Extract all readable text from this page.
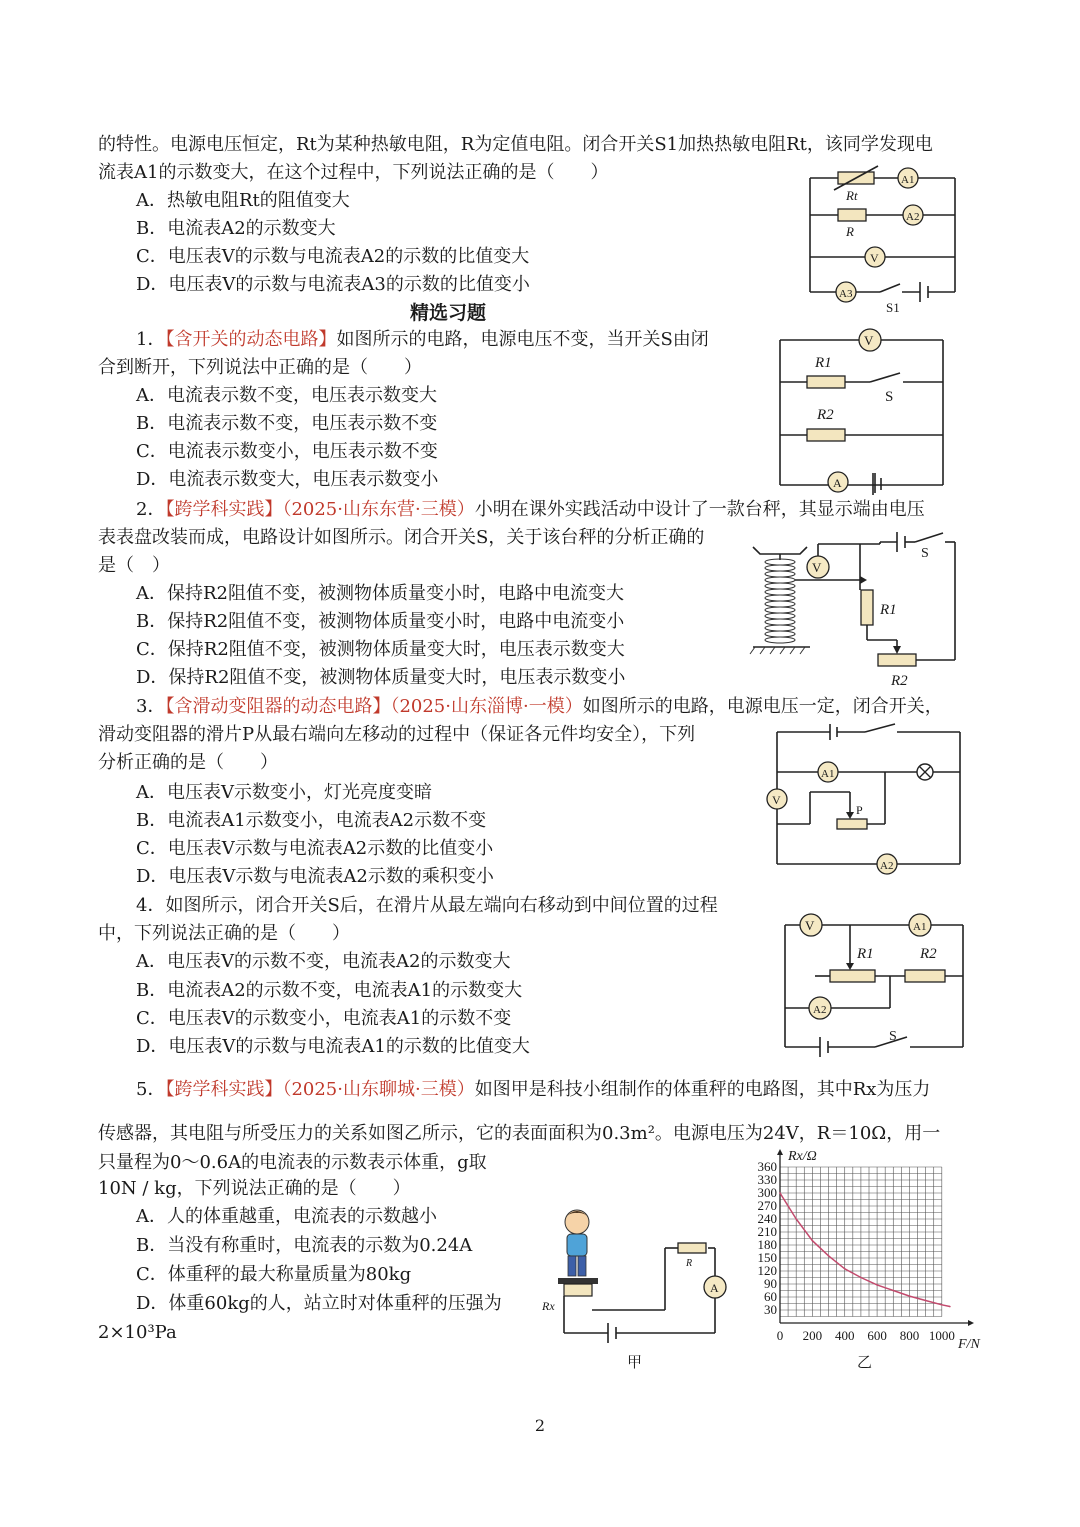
的特性。电源电压恒定，Rt为某种热敏电阻，R为定值电阻。闭合开关S1加热热敏电阻Rt，该同学发现电
流表A1的示数变大，在这个过程中，下列说法正确的是（　　）
A．热敏电阻Rt的阻值变大
B．电流表A2的示数变大
C．电压表V的示数与电流表A2的示数的比值变大
D．电压表V的示数与电流表A3的示数的比值变小
Rt
A1
R
A2
V
A3
S1
精选习题
1．【含开关的动态电路】如图所示的电路，电源电压不变，当开关S由闭
合到断开，下列说法中正确的是（　　）
A．电流表示数不变，电压表示数变大
B．电流表示数不变，电压表示数不变
C．电流表示数变小，电压表示数不变
D．电流表示数变大，电压表示数变小
V
R1
S
R2
A
2．【跨学科实践】（2025·山东东营·三模）小明在课外实践活动中设计了一款台秤，其显示端由电压
表表盘改装而成，电路设计如图所示。闭合开关S，关于该台秤的分析正确的
是（　）
A．保持R2阻值不变，被测物体质量变小时，电路中电流变大
B．保持R2阻值不变，被测物体质量变小时，电路中电流变小
C．保持R2阻值不变，被测物体质量变大时，电压表示数变大
D．保持R2阻值不变，被测物体质量变大时，电压表示数变小
V
S
R1
R2
3．【含滑动变阻器的动态电路】（2025·山东淄博·一模）如图所示的电路，电源电压一定，闭合开关，
滑动变阻器的滑片P从最右端向左移动的过程中（保证各元件均安全），下列
分析正确的是（　　）
A．电压表V示数变小，灯光亮度变暗
B．电流表A1示数变小，电流表A2示数不变
C．电压表V示数与电流表A2示数的比值变小
D．电压表V示数与电流表A2示数的乘积变小
A1
V
P
A2
4．如图所示，闭合开关S后，在滑片从最左端向右移动到中间位置的过程
中，下列说法正确的是（　　）
A．电压表V的示数不变，电流表A2的示数变大
B．电流表A2的示数不变，电流表A1的示数变大
C．电压表V的示数变小，电流表A1的示数不变
D．电压表V的示数与电流表A1的示数的比值变大
V	A1
R1	R2
A2
S
5．【跨学科实践】（2025·山东聊城·三模）如图甲是科技小组制作的体重秤的电路图，其中Rx为压力
传感器，其电阻与所受压力的关系如图乙所示，它的表面面积为0.3m²。电源电压为24V，R＝10Ω，用一
只量程为0～0.6A的电流表的示数表示体重，g取
10N / kg，下列说法正确的是（　　）
A．人的体重越重，电流表的示数越小
B．当没有称重时，电流表的示数为0.24A
C．体重秤的最大称量质量为80kg
D．体重60kg的人，站立时对体重秤的压强为
2×10³Pa
Rx
A
R
甲
30
60
90
120
150
180
210
240
270
300
330
360
0 200 400 600 800 1000
Rx/Ω
F/N
乙
2
